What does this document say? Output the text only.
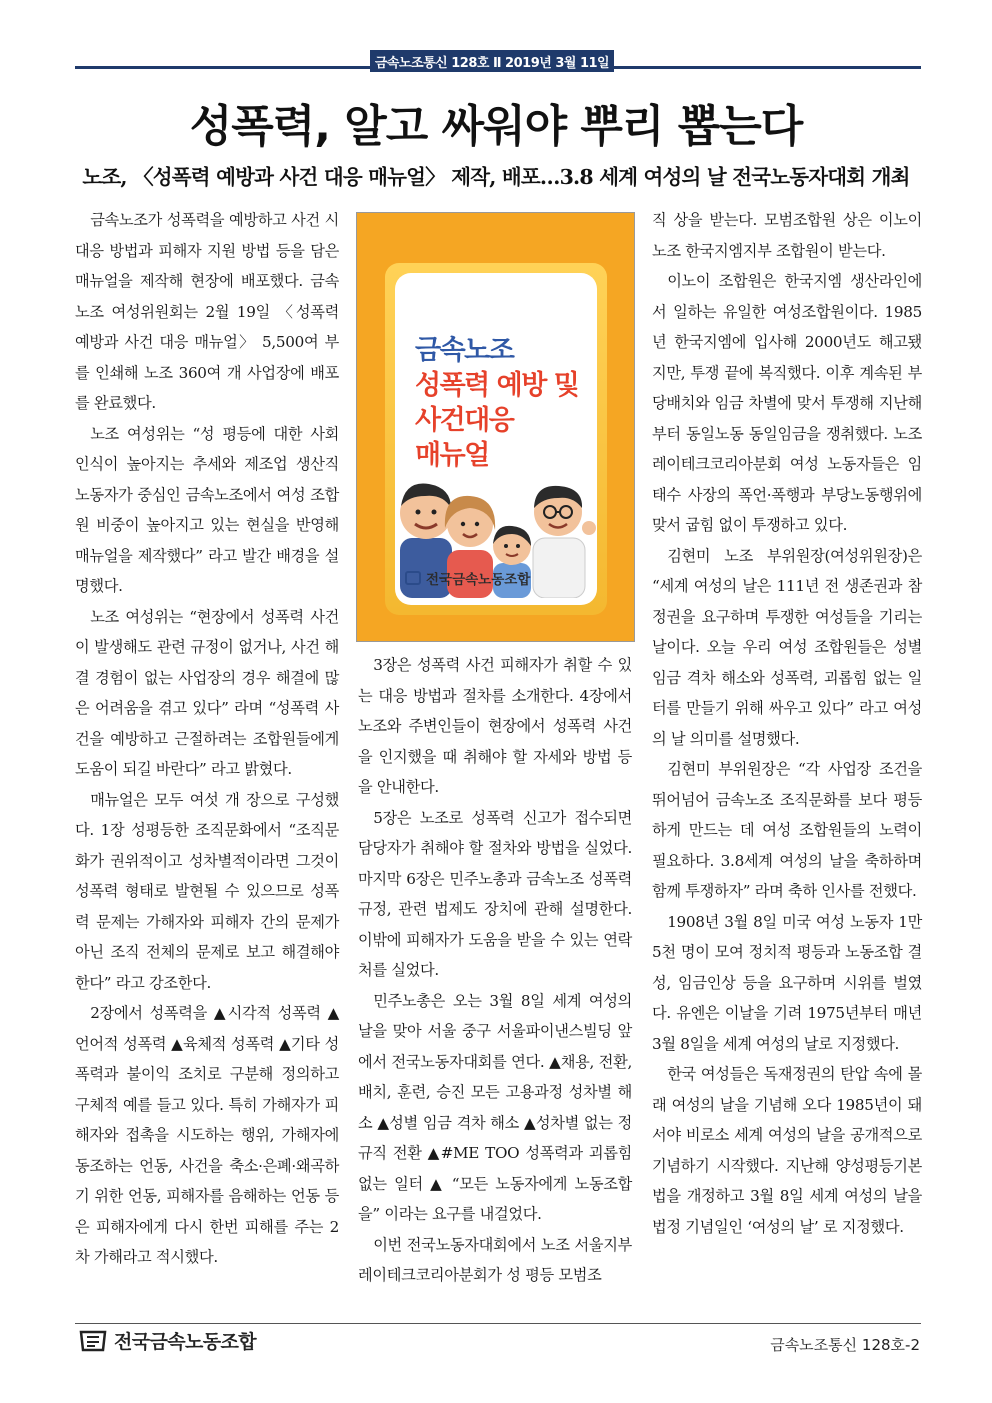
금속노조통신 128호 Ⅱ 2019년 3월 11일
성폭력, 알고 싸워야 뿌리 뽑는다
노조, 〈성폭력 예방과 사건 대응 매뉴얼〉 제작, 배포…3.8 세계 여성의 날 전국노동자대회 개최

금속노조가 성폭력을 예방하고 사건 시 대응 방법과 피해자 지원 방법 등을 담은 매뉴얼을 제작해 현장에 배포했다. 금속노조 여성위원회는 2월 19일 〈성폭력 예방과 사건 대응 매뉴얼〉 5,500여 부를 인쇄해 노조 360여 개 사업장에 배포를 완료했다.

노조 여성위는 “성 평등에 대한 사회 인식이 높아지는 추세와 제조업 생산직 노동자가 중심인 금속노조에서 여성 조합원 비중이 높아지고 있는 현실을 반영해 매뉴얼을 제작했다” 라고 발간 배경을 설명했다.

노조 여성위는 “현장에서 성폭력 사건이 발생해도 관련 규정이 없거나, 사건 해결 경험이 없는 사업장의 경우 해결에 많은 어려움을 겪고 있다” 라며 “성폭력 사건을 예방하고 근절하려는 조합원들에게 도움이 되길 바란다” 라고 밝혔다.

매뉴얼은 모두 여섯 개 장으로 구성했다. 1장 성평등한 조직문화에서 “조직문화가 권위적이고 성차별적이라면 그것이 성폭력 형태로 발현될 수 있으므로 성폭력 문제는 가해자와 피해자 간의 문제가 아닌 조직 전체의 문제로 보고 해결해야 한다” 라고 강조한다.

2장에서 성폭력을 ▲시각적 성폭력 ▲언어적 성폭력 ▲육체적 성폭력 ▲기타 성폭력과 불이익 조치로 구분해 정의하고 구체적 예를 들고 있다. 특히 가해자가 피해자와 접촉을 시도하는 행위, 가해자에 동조하는 언동, 사건을 축소·은폐·왜곡하기 위한 언동, 피해자를 음해하는 언동 등은 피해자에게 다시 한번 피해를 주는 2차 가해라고 적시했다.

금속노조
성폭력 예방 및
사건대응
매뉴얼
전국금속노동조합

3장은 성폭력 사건 피해자가 취할 수 있는 대응 방법과 절차를 소개한다. 4장에서 노조와 주변인들이 현장에서 성폭력 사건을 인지했을 때 취해야 할 자세와 방법 등을 안내한다.

5장은 노조로 성폭력 신고가 접수되면 담당자가 취해야 할 절차와 방법을 실었다. 마지막 6장은 민주노총과 금속노조 성폭력 규정, 관련 법제도 장치에 관해 설명한다. 이밖에 피해자가 도움을 받을 수 있는 연락처를 실었다.

민주노총은 오는 3월 8일 세계 여성의 날을 맞아 서울 중구 서울파이낸스빌딩 앞에서 전국노동자대회를 연다. ▲채용, 전환, 배치, 훈련, 승진 모든 고용과정 성차별 해소 ▲성별 임금 격차 해소 ▲성차별 없는 정규직 전환 ▲#ME TOO 성폭력과 괴롭힘 없는 일터 ▲ “모든 노동자에게 노동조합을” 이라는 요구를 내걸었다.

이번 전국노동자대회에서 노조 서울지부 레이테크코리아분회가 성 평등 모범조

직 상을 받는다. 모범조합원 상은 이노이 노조 한국지엠지부 조합원이 받는다.

이노이 조합원은 한국지엠 생산라인에서 일하는 유일한 여성조합원이다. 1985년 한국지엠에 입사해 2000년도 해고됐지만, 투쟁 끝에 복직했다. 이후 계속된 부당배치와 임금 차별에 맞서 투쟁해 지난해부터 동일노동 동일임금을 쟁취했다. 노조 레이테크코리아분회 여성 노동자들은 임태수 사장의 폭언·폭행과 부당노동행위에 맞서 굽힘 없이 투쟁하고 있다.

김현미 노조 부위원장(여성위원장)은 “세계 여성의 날은 111년 전 생존권과 참정권을 요구하며 투쟁한 여성들을 기리는 날이다. 오늘 우리 여성 조합원들은 성별 임금 격차 해소와 성폭력, 괴롭힘 없는 일터를 만들기 위해 싸우고 있다” 라고 여성의 날 의미를 설명했다.

김현미 부위원장은 “각 사업장 조건을 뛰어넘어 금속노조 조직문화를 보다 평등하게 만드는 데 여성 조합원들의 노력이 필요하다. 3.8세계 여성의 날을 축하하며 함께 투쟁하자” 라며 축하 인사를 전했다.

1908년 3월 8일 미국 여성 노동자 1만 5천 명이 모여 정치적 평등과 노동조합 결성, 임금인상 등을 요구하며 시위를 벌였다. 유엔은 이날을 기려 1975년부터 매년 3월 8일을 세계 여성의 날로 지정했다.

한국 여성들은 독재정권의 탄압 속에 몰래 여성의 날을 기념해 오다 1985년이 돼서야 비로소 세계 여성의 날을 공개적으로 기념하기 시작했다. 지난해 양성평등기본법을 개정하고 3월 8일 세계 여성의 날을 법정 기념일인 ‘여성의 날’ 로 지정했다.

전국금속노동조합	금속노조통신 128호-2
